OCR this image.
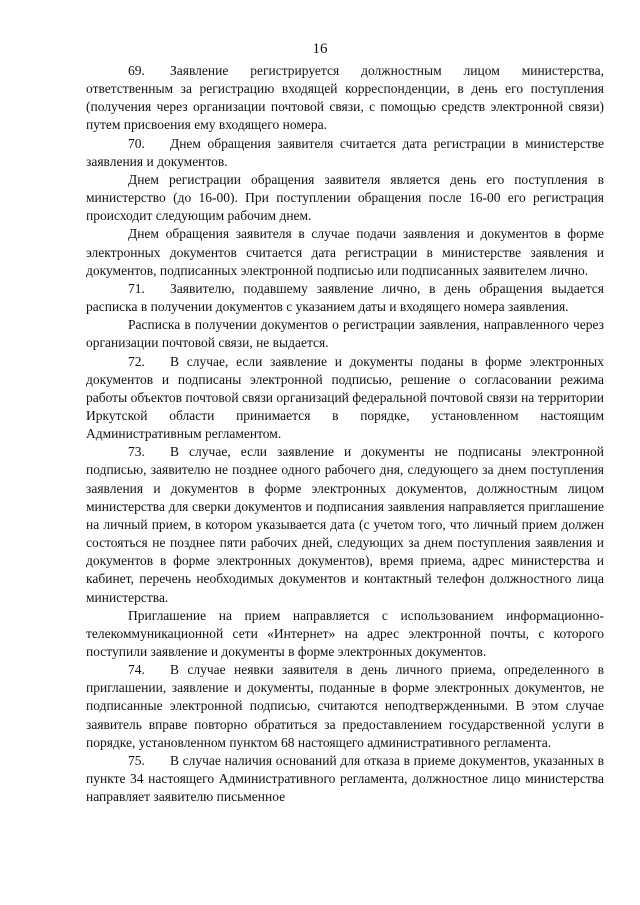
16

69. Заявление регистрируется должностным лицом министерства, ответственным за регистрацию входящей корреспонденции, в день его поступления (получения через организации почтовой связи, с помощью средств электронной связи) путем присвоения ему входящего номера.

70. Днем обращения заявителя считается дата регистрации в министерстве заявления и документов.

Днем регистрации обращения заявителя является день его поступления в министерство (до 16-00). При поступлении обращения после 16-00 его регистрация происходит следующим рабочим днем.

Днем обращения заявителя в случае подачи заявления и документов в форме электронных документов считается дата регистрации в министерстве заявления и документов, подписанных электронной подписью или подписанных заявителем лично.

71. Заявителю, подавшему заявление лично, в день обращения выдается расписка в получении документов с указанием даты и входящего номера заявления.

Расписка в получении документов о регистрации заявления, направленного через организации почтовой связи, не выдается.

72. В случае, если заявление и документы поданы в форме электронных документов и подписаны электронной подписью, решение о согласовании режима работы объектов почтовой связи организаций федеральной почтовой связи на территории Иркутской области принимается в порядке, установленном настоящим Административным регламентом.

73. В случае, если заявление и документы не подписаны электронной подписью, заявителю не позднее одного рабочего дня, следующего за днем поступления заявления и документов в форме электронных документов, должностным лицом министерства для сверки документов и подписания заявления направляется приглашение на личный прием, в котором указывается дата (с учетом того, что личный прием должен состояться не позднее пяти рабочих дней, следующих за днем поступления заявления и документов в форме электронных документов), время приема, адрес министерства и кабинет, перечень необходимых документов и контактный телефон должностного лица министерства.

Приглашение на прием направляется с использованием информационно-телекоммуникационной сети «Интернет» на адрес электронной почты, с которого поступили заявление и документы в форме электронных документов.

74. В случае неявки заявителя в день личного приема, определенного в приглашении, заявление и документы, поданные в форме электронных документов, не подписанные электронной подписью, считаются неподтвержденными. В этом случае заявитель вправе повторно обратиться за предоставлением государственной услуги в порядке, установленном пунктом 68 настоящего административного регламента.

75. В случае наличия оснований для отказа в приеме документов, указанных в пункте 34 настоящего Административного регламента, должностное лицо министерства направляет заявителю письменное
